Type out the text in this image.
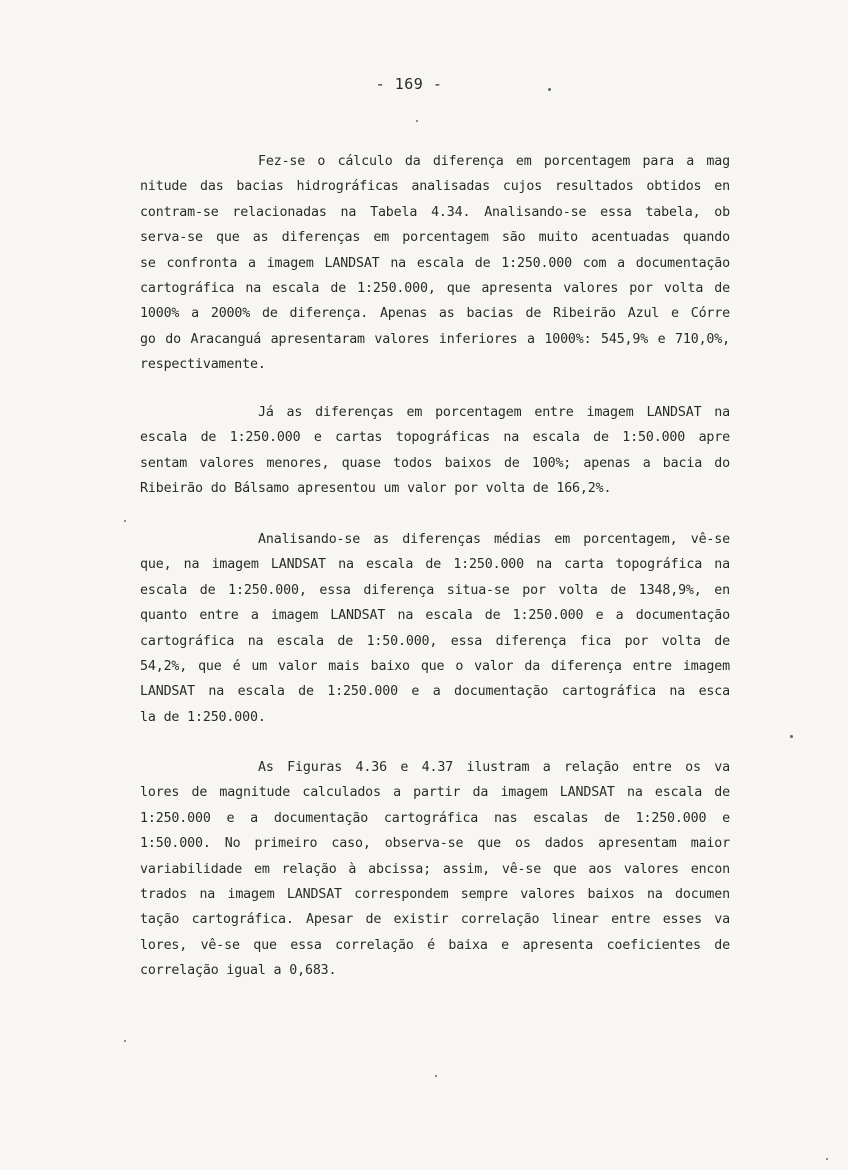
- 169 -
Fez-se o cálculo da diferença em porcentagem para a mag
nitude das bacias hidrográficas analisadas cujos resultados obtidos en
contram-se relacionadas na Tabela 4.34. Analisando-se essa tabela, ob
serva-se que as diferenças em porcentagem são muito acentuadas quando
se confronta a imagem LANDSAT na escala de 1:250.000 com a documentação
cartográfica na escala de 1:250.000, que apresenta valores por volta de
1000% a 2000% de diferença. Apenas as bacias de Ribeirão Azul e Córre
go do Aracanguá apresentaram valores inferiores a 1000%: 545,9% e 710,0%,
respectivamente.
Já as diferenças em porcentagem entre imagem LANDSAT na
escala de 1:250.000 e cartas topográficas na escala de 1:50.000 apre
sentam valores menores, quase todos baixos de 100%; apenas a bacia do
Ribeirão do Bálsamo apresentou um valor por volta de 166,2%.
Analisando-se as diferenças médias em porcentagem, vê-se
que, na imagem LANDSAT na escala de 1:250.000 na carta topográfica na
escala de 1:250.000, essa diferença situa-se por volta de 1348,9%, en
quanto entre a imagem LANDSAT na escala de 1:250.000 e a documentação
cartográfica na escala de 1:50.000, essa diferença fica por volta de
54,2%, que é um valor mais baixo que o valor da diferença entre imagem
LANDSAT na escala de 1:250.000 e a documentação cartográfica na esca
la de 1:250.000.
As Figuras 4.36 e 4.37 ilustram a relação entre os va
lores de magnitude calculados a partir da imagem LANDSAT na escala de
1:250.000 e a documentação cartográfica nas escalas de 1:250.000 e
1:50.000. No primeiro caso, observa-se que os dados apresentam maior
variabilidade em relação à abcissa; assim, vê-se que aos valores encon
trados na imagem LANDSAT correspondem sempre valores baixos na documen
tação cartográfica. Apesar de existir correlação linear entre esses va
lores, vê-se que essa correlação é baixa e apresenta coeficientes de
correlação igual a 0,683.
